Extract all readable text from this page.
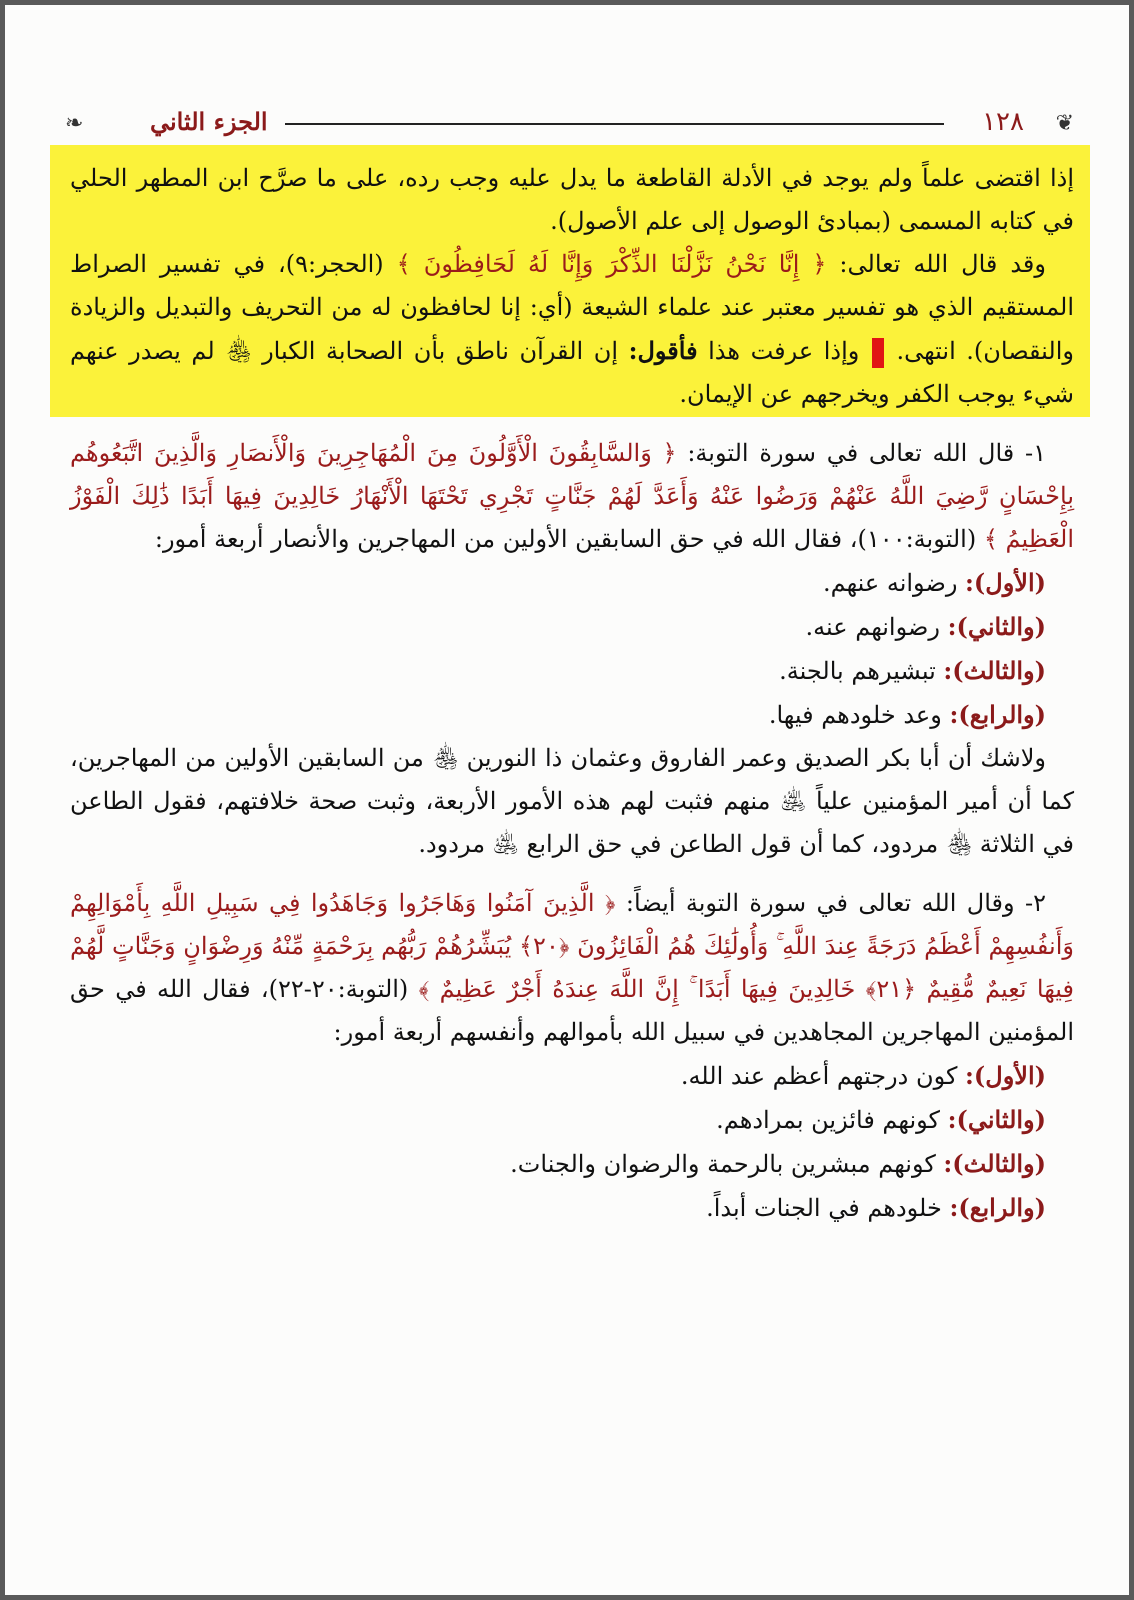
❦
١٢٨
الجزء الثاني
❧

إذا اقتضى علماً ولم يوجد في الأدلة القاطعة ما يدل عليه وجب رده، على ما صرَّح ابن المطهر الحلي في كتابه المسمى (بمبادئ الوصول إلى علم الأصول).

وقد قال الله تعالى: ﴿ إِنَّا نَحْنُ نَزَّلْنَا الذِّكْرَ وَإِنَّا لَهُ لَحَافِظُونَ ﴾ (الحجر:٩)، في تفسير الصراط المستقيم الذي هو تفسير معتبر عند علماء الشيعة (أي: إنا لحافظون له من التحريف والتبديل والزيادة والنقصان). انتهى.  وإذا عرفت هذا فأقول: إن القرآن ناطق بأن الصحابة الكبار ﵃ لم يصدر عنهم شيء يوجب الكفر ويخرجهم عن الإيمان.

١- قال الله تعالى في سورة التوبة: ﴿ وَالسَّابِقُونَ الْأَوَّلُونَ مِنَ الْمُهَاجِرِينَ وَالْأَنصَارِ وَالَّذِينَ اتَّبَعُوهُم بِإِحْسَانٍ رَّضِيَ اللَّهُ عَنْهُمْ وَرَضُوا عَنْهُ وَأَعَدَّ لَهُمْ جَنَّاتٍ تَجْرِي تَحْتَهَا الْأَنْهَارُ خَالِدِينَ فِيهَا أَبَدًا ذَٰلِكَ الْفَوْزُ الْعَظِيمُ ﴾ (التوبة:١٠٠)، فقال الله في حق السابقين الأولين من المهاجرين والأنصار أربعة أمور:

(الأول): رضوانه عنهم.

(والثاني): رضوانهم عنه.

(والثالث): تبشيرهم بالجنة.

(والرابع): وعد خلودهم فيها.

ولاشك أن أبا بكر الصديق وعمر الفاروق وعثمان ذا النورين ﵃ من السابقين الأولين من المهاجرين، كما أن أمير المؤمنين علياً ﵁ منهم فثبت لهم هذه الأمور الأربعة، وثبت صحة خلافتهم، فقول الطاعن في الثلاثة ﵃ مردود، كما أن قول الطاعن في حق الرابع ﵁ مردود.

٢- وقال الله تعالى في سورة التوبة أيضاً: ﴿ الَّذِينَ آمَنُوا وَهَاجَرُوا وَجَاهَدُوا فِي سَبِيلِ اللَّهِ بِأَمْوَالِهِمْ وَأَنفُسِهِمْ أَعْظَمُ دَرَجَةً عِندَ اللَّهِ ۚ وَأُولَٰئِكَ هُمُ الْفَائِزُونَ ﴿٢٠﴾ يُبَشِّرُهُمْ رَبُّهُم بِرَحْمَةٍ مِّنْهُ وَرِضْوَانٍ وَجَنَّاتٍ لَّهُمْ فِيهَا نَعِيمٌ مُّقِيمٌ ﴿٢١﴾ خَالِدِينَ فِيهَا أَبَدًا ۚ إِنَّ اللَّهَ عِندَهُ أَجْرٌ عَظِيمٌ ﴾ (التوبة:٢٠-٢٢)، فقال الله في حق المؤمنين المهاجرين المجاهدين في سبيل الله بأموالهم وأنفسهم أربعة أمور:

(الأول): كون درجتهم أعظم عند الله.

(والثاني): كونهم فائزين بمرادهم.

(والثالث): كونهم مبشرين بالرحمة والرضوان والجنات.

(والرابع): خلودهم في الجنات أبداً.
